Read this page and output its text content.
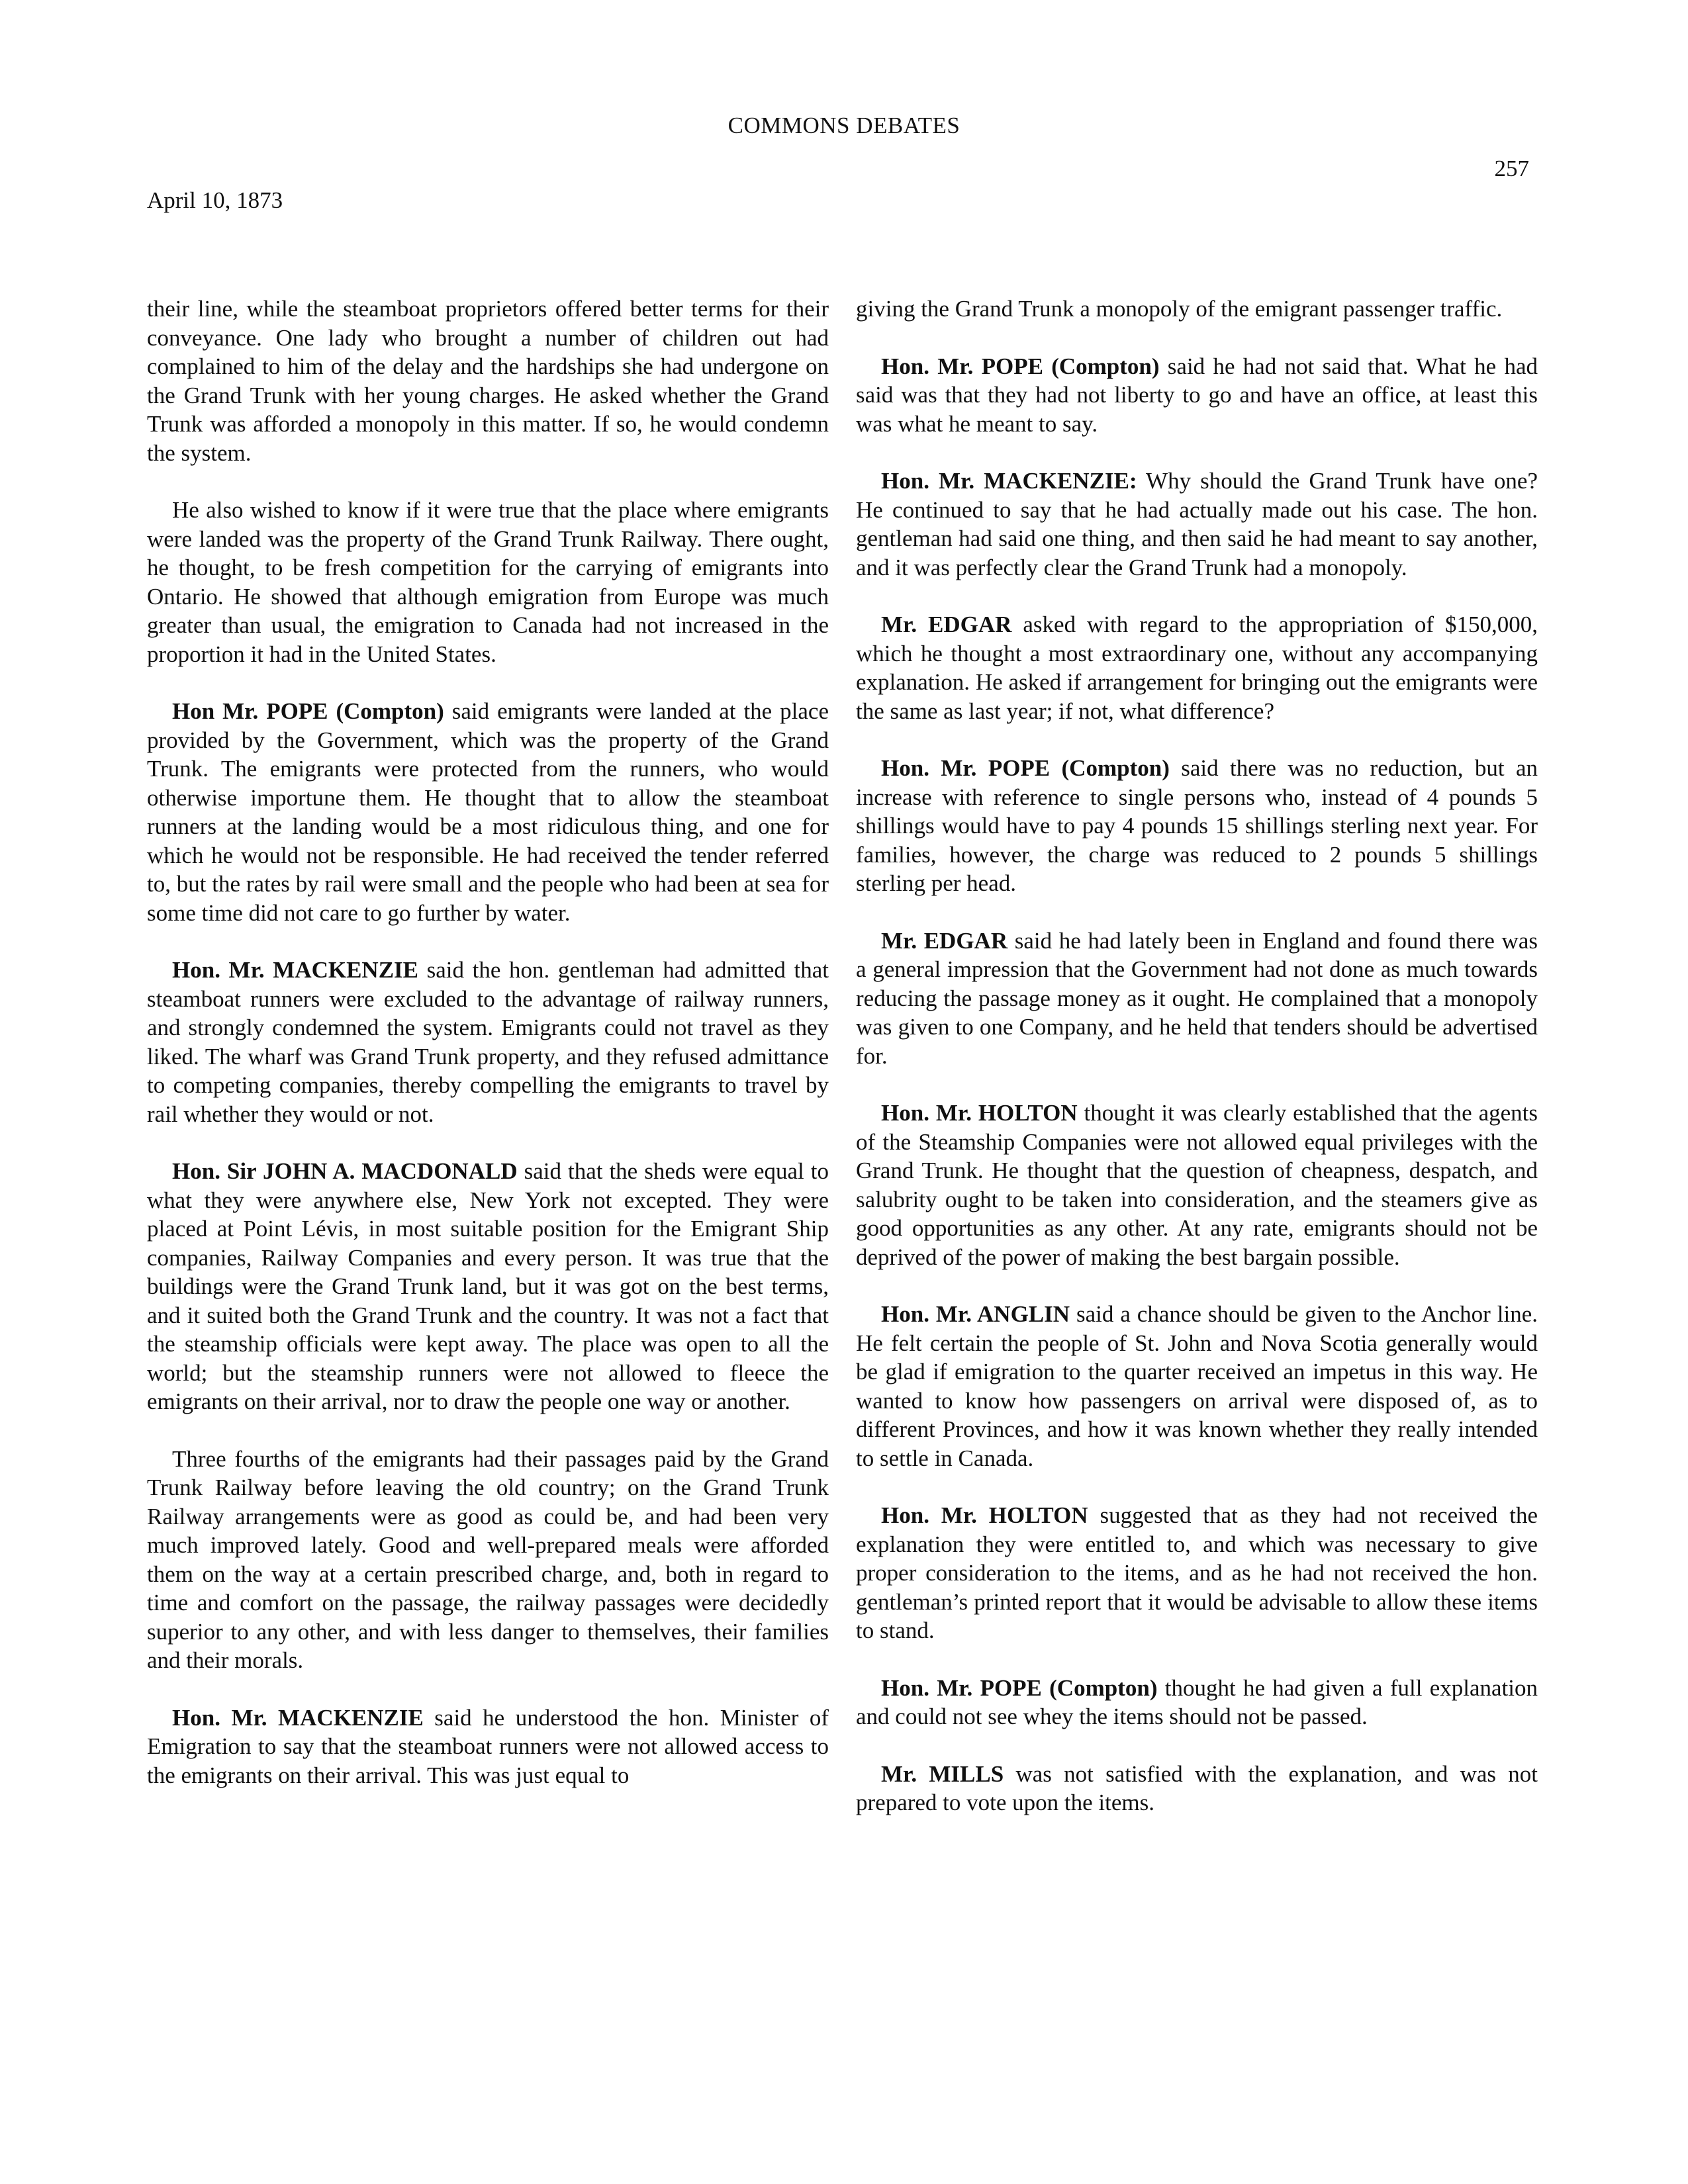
COMMONS DEBATES
257
April 10, 1873

their line, while the steamboat proprietors offered better terms for their conveyance. One lady who brought a number of children out had complained to him of the delay and the hardships she had undergone on the Grand Trunk with her young charges. He asked whether the Grand Trunk was afforded a monopoly in this matter. If so, he would condemn the system.

He also wished to know if it were true that the place where emigrants were landed was the property of the Grand Trunk Railway. There ought, he thought, to be fresh competition for the carrying of emigrants into Ontario. He showed that although emigration from Europe was much greater than usual, the emigration to Canada had not increased in the proportion it had in the United States.

Hon Mr. POPE (Compton) said emigrants were landed at the place provided by the Government, which was the property of the Grand Trunk. The emigrants were protected from the runners, who would otherwise importune them. He thought that to allow the steamboat runners at the landing would be a most ridiculous thing, and one for which he would not be responsible. He had received the tender referred to, but the rates by rail were small and the people who had been at sea for some time did not care to go further by water.

Hon. Mr. MACKENZIE said the hon. gentleman had admitted that steamboat runners were excluded to the advantage of railway runners, and strongly condemned the system. Emigrants could not travel as they liked. The wharf was Grand Trunk property, and they refused admittance to competing companies, thereby compelling the emigrants to travel by rail whether they would or not.

Hon. Sir JOHN A. MACDONALD said that the sheds were equal to what they were anywhere else, New York not excepted. They were placed at Point Lévis, in most suitable position for the Emigrant Ship companies, Railway Companies and every person. It was true that the buildings were the Grand Trunk land, but it was got on the best terms, and it suited both the Grand Trunk and the country. It was not a fact that the steamship officials were kept away. The place was open to all the world; but the steamship runners were not allowed to fleece the emigrants on their arrival, nor to draw the people one way or another.

Three fourths of the emigrants had their passages paid by the Grand Trunk Railway before leaving the old country; on the Grand Trunk Railway arrangements were as good as could be, and had been very much improved lately. Good and well-prepared meals were afforded them on the way at a certain prescribed charge, and, both in regard to time and comfort on the passage, the railway passages were decidedly superior to any other, and with less danger to themselves, their families and their morals.

Hon. Mr. MACKENZIE said he understood the hon. Minister of Emigration to say that the steamboat runners were not allowed access to the emigrants on their arrival. This was just equal to

giving the Grand Trunk a monopoly of the emigrant passenger traffic.

Hon. Mr. POPE (Compton) said he had not said that. What he had said was that they had not liberty to go and have an office, at least this was what he meant to say.

Hon. Mr. MACKENZIE: Why should the Grand Trunk have one? He continued to say that he had actually made out his case. The hon. gentleman had said one thing, and then said he had meant to say another, and it was perfectly clear the Grand Trunk had a monopoly.

Mr. EDGAR asked with regard to the appropriation of $150,000, which he thought a most extraordinary one, without any accompanying explanation. He asked if arrangement for bringing out the emigrants were the same as last year; if not, what difference?

Hon. Mr. POPE (Compton) said there was no reduction, but an increase with reference to single persons who, instead of 4 pounds 5 shillings would have to pay 4 pounds 15 shillings sterling next year. For families, however, the charge was reduced to 2 pounds 5 shillings sterling per head.

Mr. EDGAR said he had lately been in England and found there was a general impression that the Government had not done as much towards reducing the passage money as it ought. He complained that a monopoly was given to one Company, and he held that tenders should be advertised for.

Hon. Mr. HOLTON thought it was clearly established that the agents of the Steamship Companies were not allowed equal privileges with the Grand Trunk. He thought that the question of cheapness, despatch, and salubrity ought to be taken into consideration, and the steamers give as good opportunities as any other. At any rate, emigrants should not be deprived of the power of making the best bargain possible.

Hon. Mr. ANGLIN said a chance should be given to the Anchor line. He felt certain the people of St. John and Nova Scotia generally would be glad if emigration to the quarter received an impetus in this way. He wanted to know how passengers on arrival were disposed of, as to different Provinces, and how it was known whether they really intended to settle in Canada.

Hon. Mr. HOLTON suggested that as they had not received the explanation they were entitled to, and which was necessary to give proper consideration to the items, and as he had not received the hon. gentleman’s printed report that it would be advisable to allow these items to stand.

Hon. Mr. POPE (Compton) thought he had given a full explanation and could not see whey the items should not be passed.

Mr. MILLS was not satisfied with the explanation, and was not prepared to vote upon the items.
